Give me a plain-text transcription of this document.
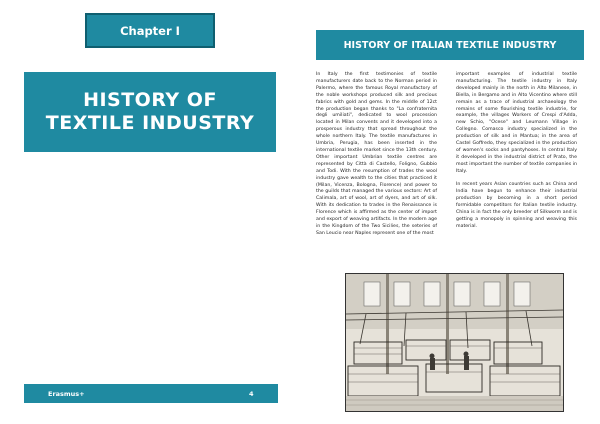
Chapter I
HISTORY OF TEXTILE INDUSTRY
Erasmus+	4
HISTORY OF ITALIAN TEXTILE INDUSTRY

In Italy the first testimonies of textile manufacturers date back to the Norman period in Palermo, where the famous Royal manufactory of the noble workshops produced silk and precious fabrics with gold and gems. In the middle of 12ct the production began thanks to "La confraternita degli umiliati", dedicated to wool procession located in Milan convents and it developed into a prosperous industry that spread throughout the whole northern Italy. The textile manufactures in Umbria, Perugia, has been inserted in the international textile market since the 13th century. Other important Umbrian textile centres are represented by Città di Castello, Foligno, Gubbio and Todi. With the resumption of trades the wool industry gave wealth to the cities that practiced it (Milan, Vicenza, Bologna, Florence) and power to the guilds that managed the various sectors: Art of Calimala, art of wool, art of dyers, and art of silk. With its dedication to trades in the Renaissance is Florence which is affirmed as the center of import and export of weaving artifacts. In the modern age in the Kingdom of the Two Sicilies, the seteries of San Leucio near Naples represent one of the most

important examples of industrial textile manufacturing. The textile industry in Italy developed mainly in the north in Alto Milanese, in Biella, in Bergamo and in Alto Vicentino where still remain as a trace of industrial archaeology the remains of some flourishing textile industrie, for example, the villages Workers of Crespi d'Adda, new Schio, "Ocese" and Leumann Village in Collegno. Comasco industry specialized in the production of silk and in Mantua; in the area of Castel Goffredo, they specialized in the production of women's socks and pantyhoses. In central Italy it developed in the industrial district of Prato, the most important the number of textile companies in Italy.

In recent years Asian countries such as China and India have begun to enhance their industrial production by becoming in a short period formidable competitors for Italian textile industry. China is in fact the only breeder of Silkworm and is getting a monopoly in spinning and weaving this material.
